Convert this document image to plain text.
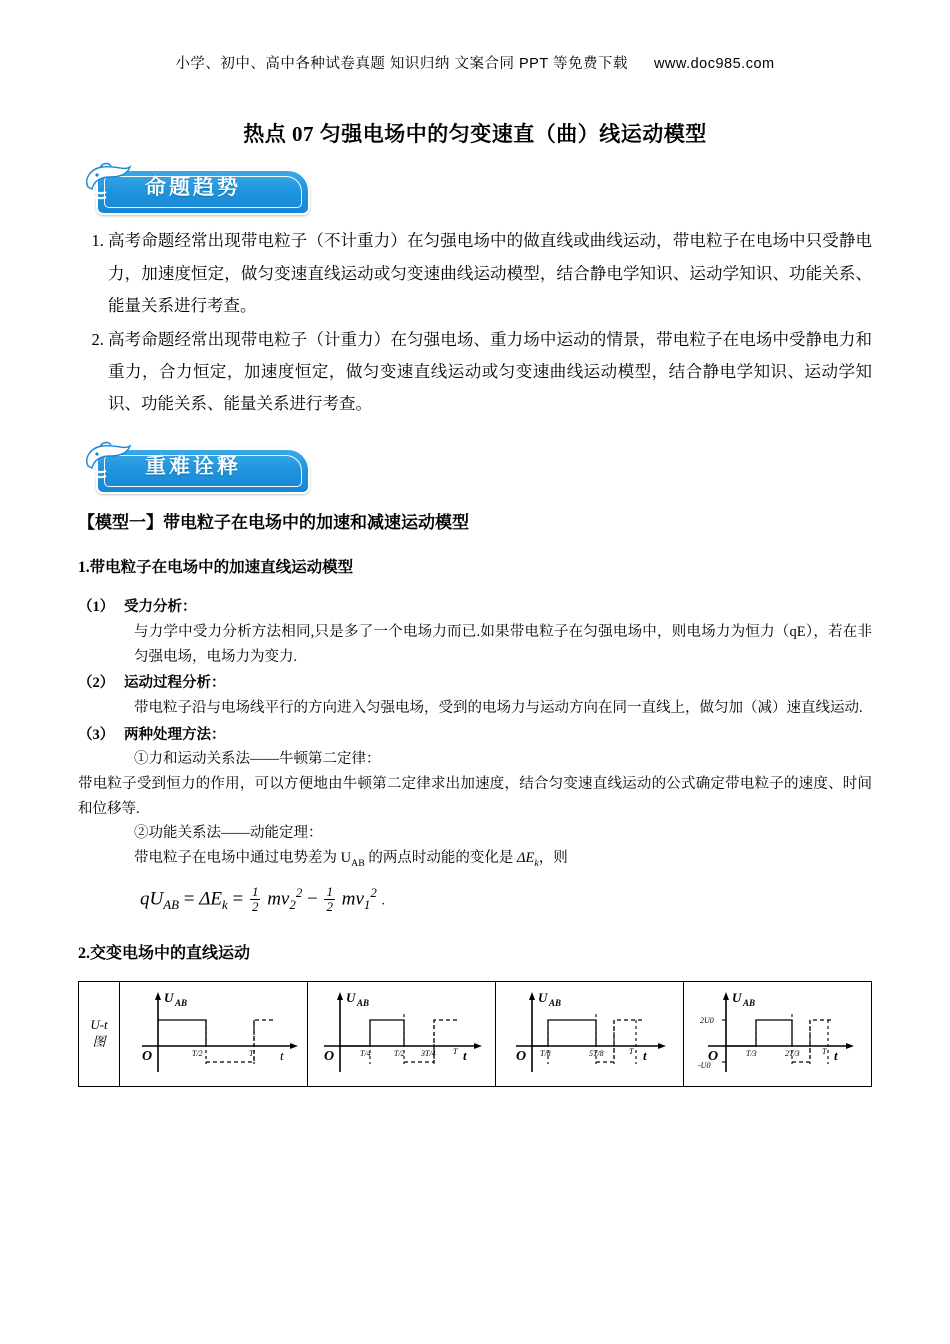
小学、初中、高中各种试卷真题 知识归纳 文案合同 PPT 等免费下载 www.doc985.com
热点 07 匀强电场中的匀变速直（曲）线运动模型
命题趋势
1. 高考命题经常出现带电粒子（不计重力）在匀强电场中的做直线或曲线运动，带电粒子在电场中只受静电力，加速度恒定，做匀变速直线运动或匀变速曲线运动模型，结合静电学知识、运动学知识、功能关系、能量关系进行考查。
2. 高考命题经常出现带电粒子（计重力）在匀强电场、重力场中运动的情景，带电粒子在电场中受静电力和重力，合力恒定，加速度恒定，做匀变速直线运动或匀变速曲线运动模型，结合静电学知识、运动学知识、功能关系、能量关系进行考查。
重难诠释
【模型一】带电粒子在电场中的加速和减速运动模型
1.带电粒子在电场中的加速直线运动模型
（1） 受力分析：
与力学中受力分析方法相同,只是多了一个电场力而已.如果带电粒子在匀强电场中，则电场力为恒力（qE），若在非匀强电场，电场力为变力.
（2） 运动过程分析：
带电粒子沿与电场线平行的方向进入匀强电场，受到的电场力与运动方向在同一直线上，做匀加（减）速直线运动.
（3） 两种处理方法：
①力和运动关系法——牛顿第二定律：
带电粒子受到恒力的作用，可以方便地由牛顿第二定律求出加速度，结合匀变速直线运动的公式确定带电粒子的速度、时间和位移等.
②功能关系法——动能定理：
带电粒子在电场中通过电势差为 $U_{AB}$ 的两点时动能的变化是 $\Delta E_k$，则
$qU_{AB} = \Delta E_k = \frac{1}{2} mv_2^2 - \frac{1}{2} mv_1^2$ .
2.交变电场中的直线运动
U-t
图

U AB
O	T/2	T t

U AB
O	T/4	T/2 3T/4 T t

U AB
O T/8	5T/8	T t

U AB
O
2U0
-U0
T/3	2T/3	T t
